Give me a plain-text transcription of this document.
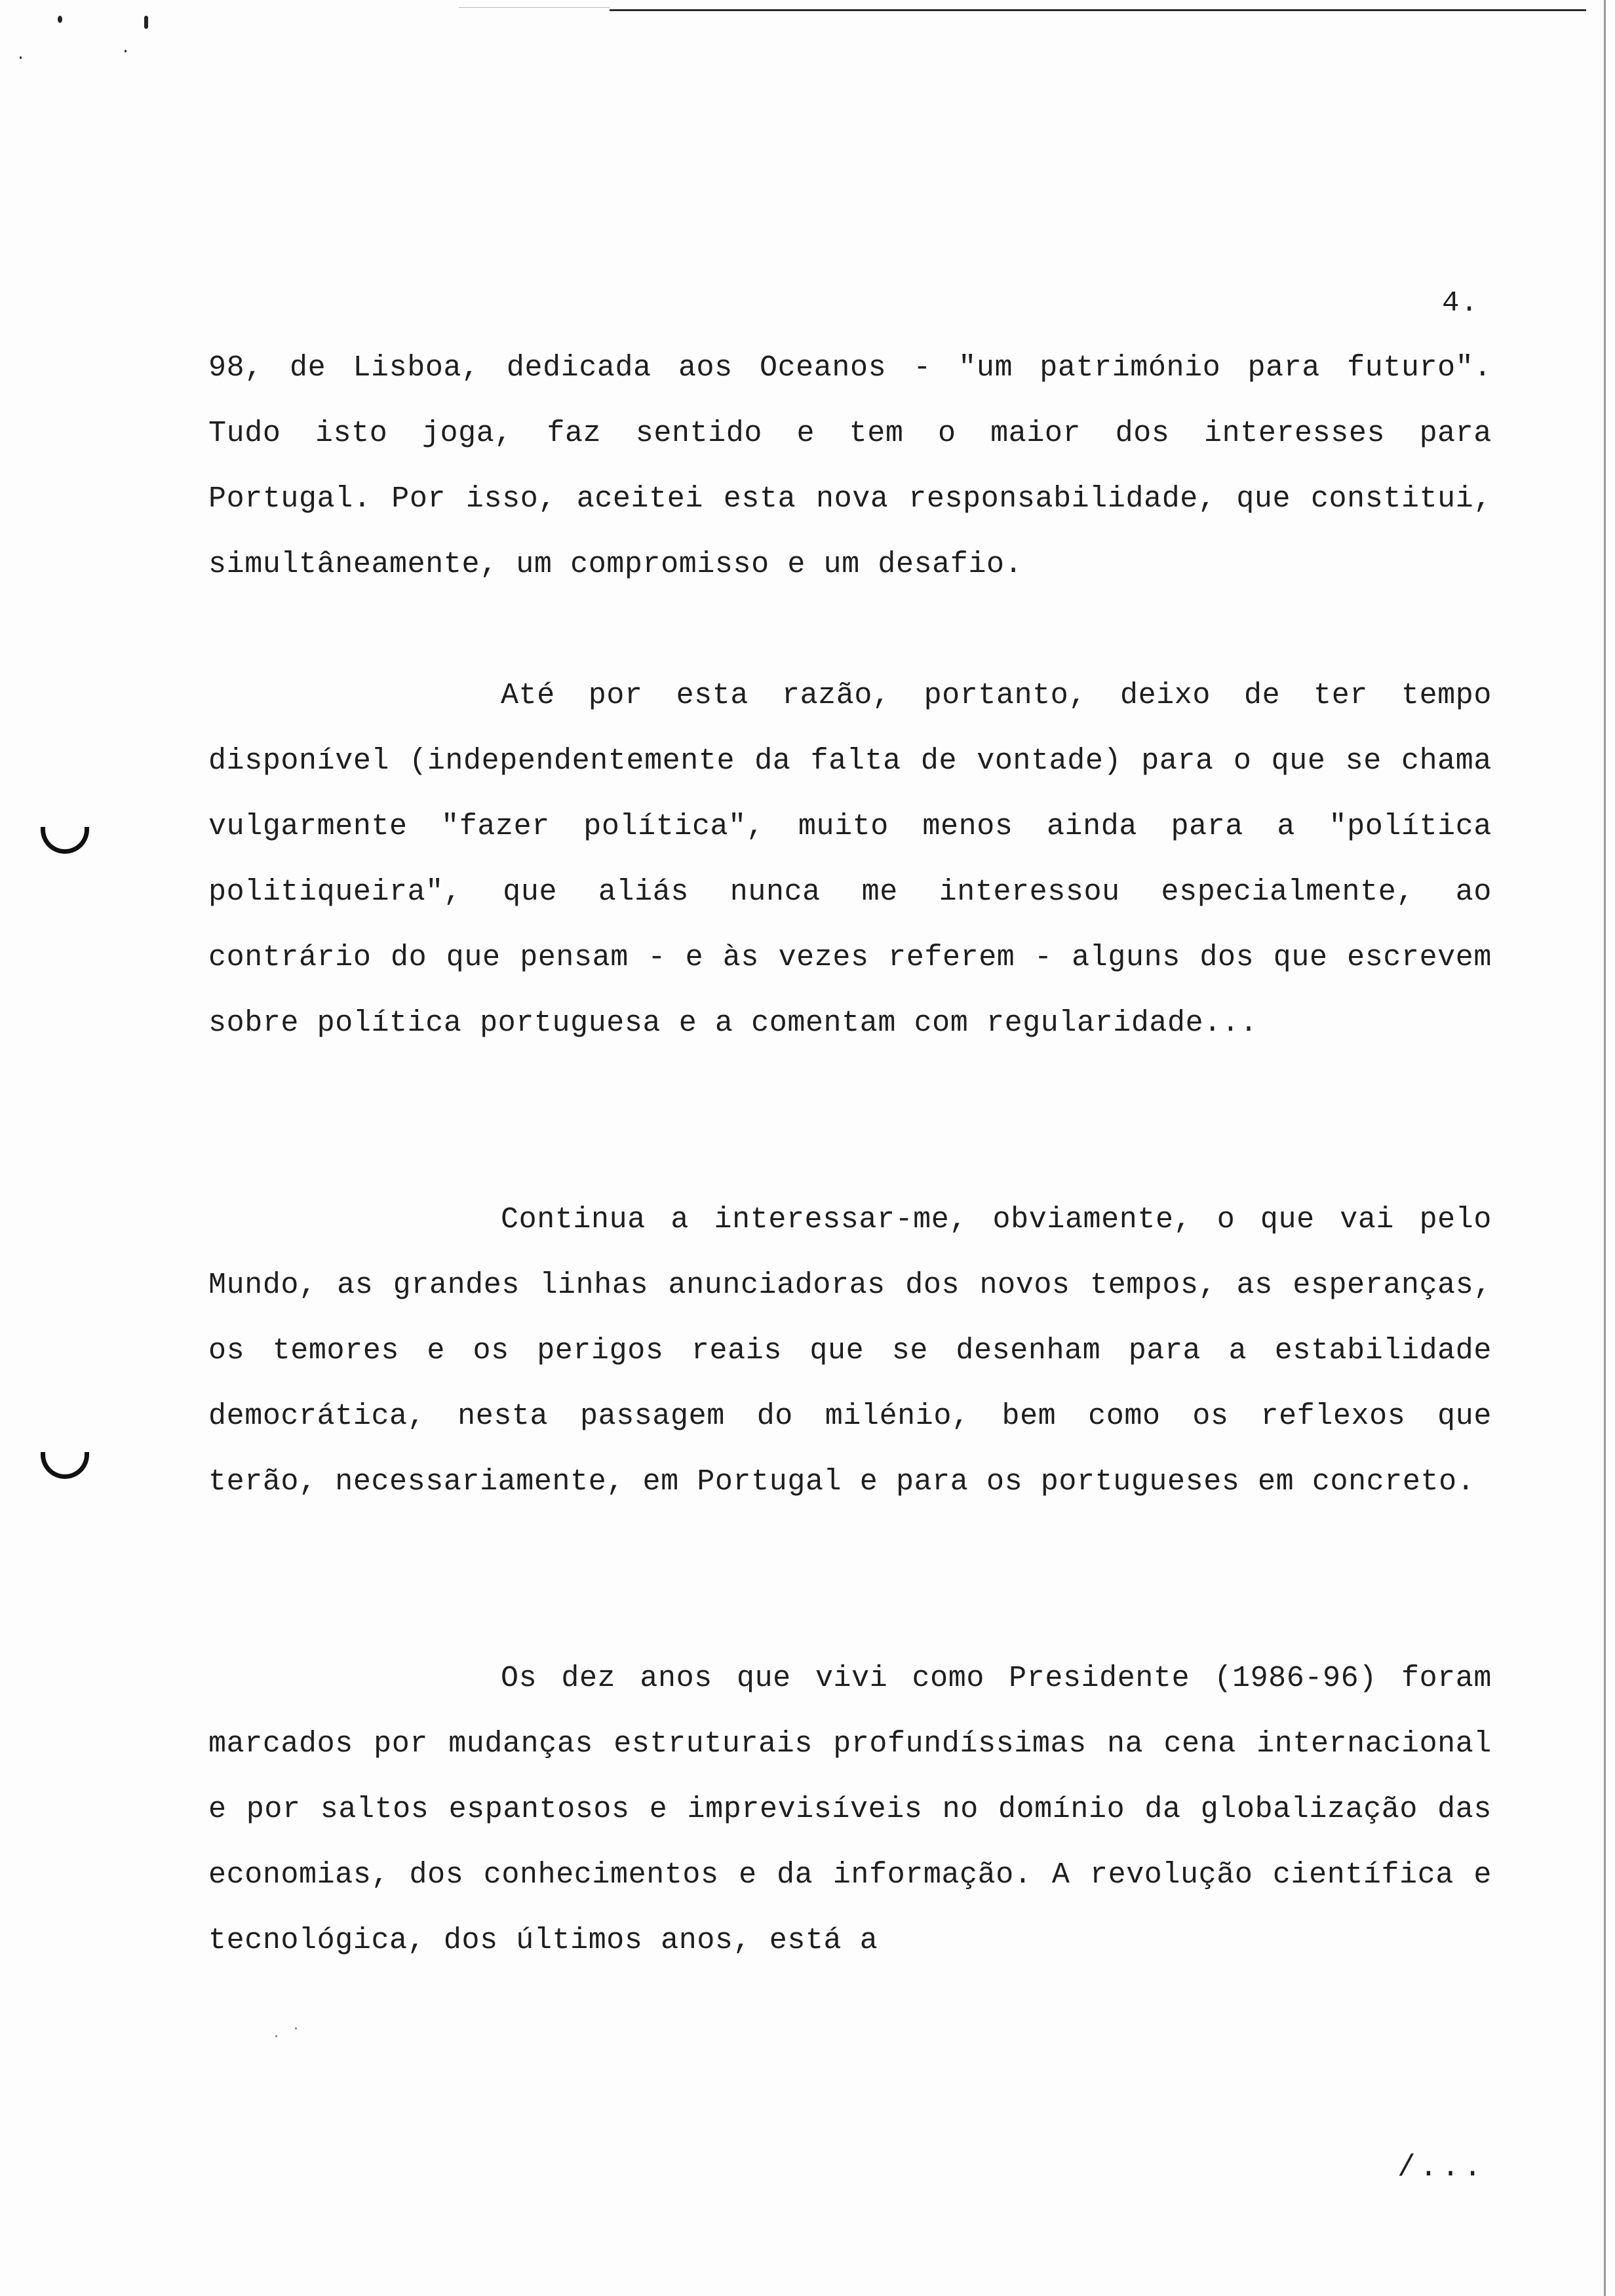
4.
98, de Lisboa, dedicada aos Oceanos - "um património para futuro". Tudo isto joga, faz sentido e tem o maior dos interesses para Portugal. Por isso, aceitei esta nova responsabilidade, que constitui, simultâneamente, um compromisso e um desafio.
Até por esta razão, portanto, deixo de ter tempo disponível (independentemente da falta de vontade) para o que se chama vulgarmente "fazer política", muito menos ainda para a "política politiqueira", que aliás nunca me interessou especialmente, ao contrário do que pensam - e às vezes referem - alguns dos que escrevem sobre política portuguesa e a comentam com regularidade...
Continua a interessar-me, obviamente, o que vai pelo Mundo, as grandes linhas anunciadoras dos novos tempos, as esperanças, os temores e os perigos reais que se desenham para a estabilidade democrática, nesta passagem do milénio, bem como os reflexos que terão, necessariamente, em Portugal e para os portugueses em concreto.
Os dez anos que vivi como Presidente (1986-96) foram marcados por mudanças estruturais profundíssimas na cena internacional e por saltos espantosos e imprevisíveis no domínio da globalização das economias, dos conhecimentos e da informação. A revolução científica e tecnológica, dos últimos anos, está a
/...
